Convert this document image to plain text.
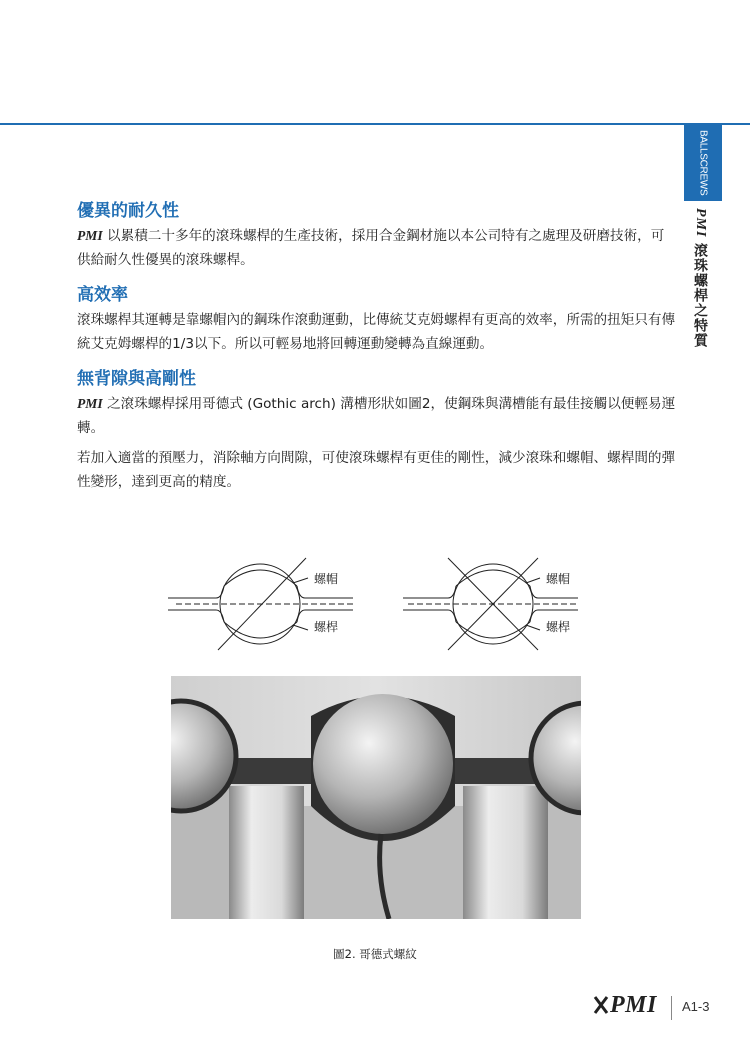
BALLSCREWS
PMI 滾珠螺桿之特質
優異的耐久性

PMI 以累積二十多年的滾珠螺桿的生產技術，採用合金鋼材施以本公司特有之處理及研磨技術，可供給耐久性優異的滾珠螺桿。

高效率

滾珠螺桿其運轉是靠螺帽內的鋼珠作滾動運動，比傳統艾克姆螺桿有更高的效率，所需的扭矩只有傳統艾克姆螺桿的1/3以下。所以可輕易地將回轉運動變轉為直線運動。

無背隙與高剛性

PMI 之滾珠螺桿採用哥德式 (Gothic arch) 溝槽形狀如圖2，使鋼珠與溝槽能有最佳接觸以便輕易運轉。

若加入適當的預壓力，消除軸方向間隙，可使滾珠螺桿有更佳的剛性，減少滾珠和螺帽、螺桿間的彈性變形，達到更高的精度。

螺帽
螺桿
螺帽
螺桿
圖2. 哥德式螺紋
PMI A1-3
